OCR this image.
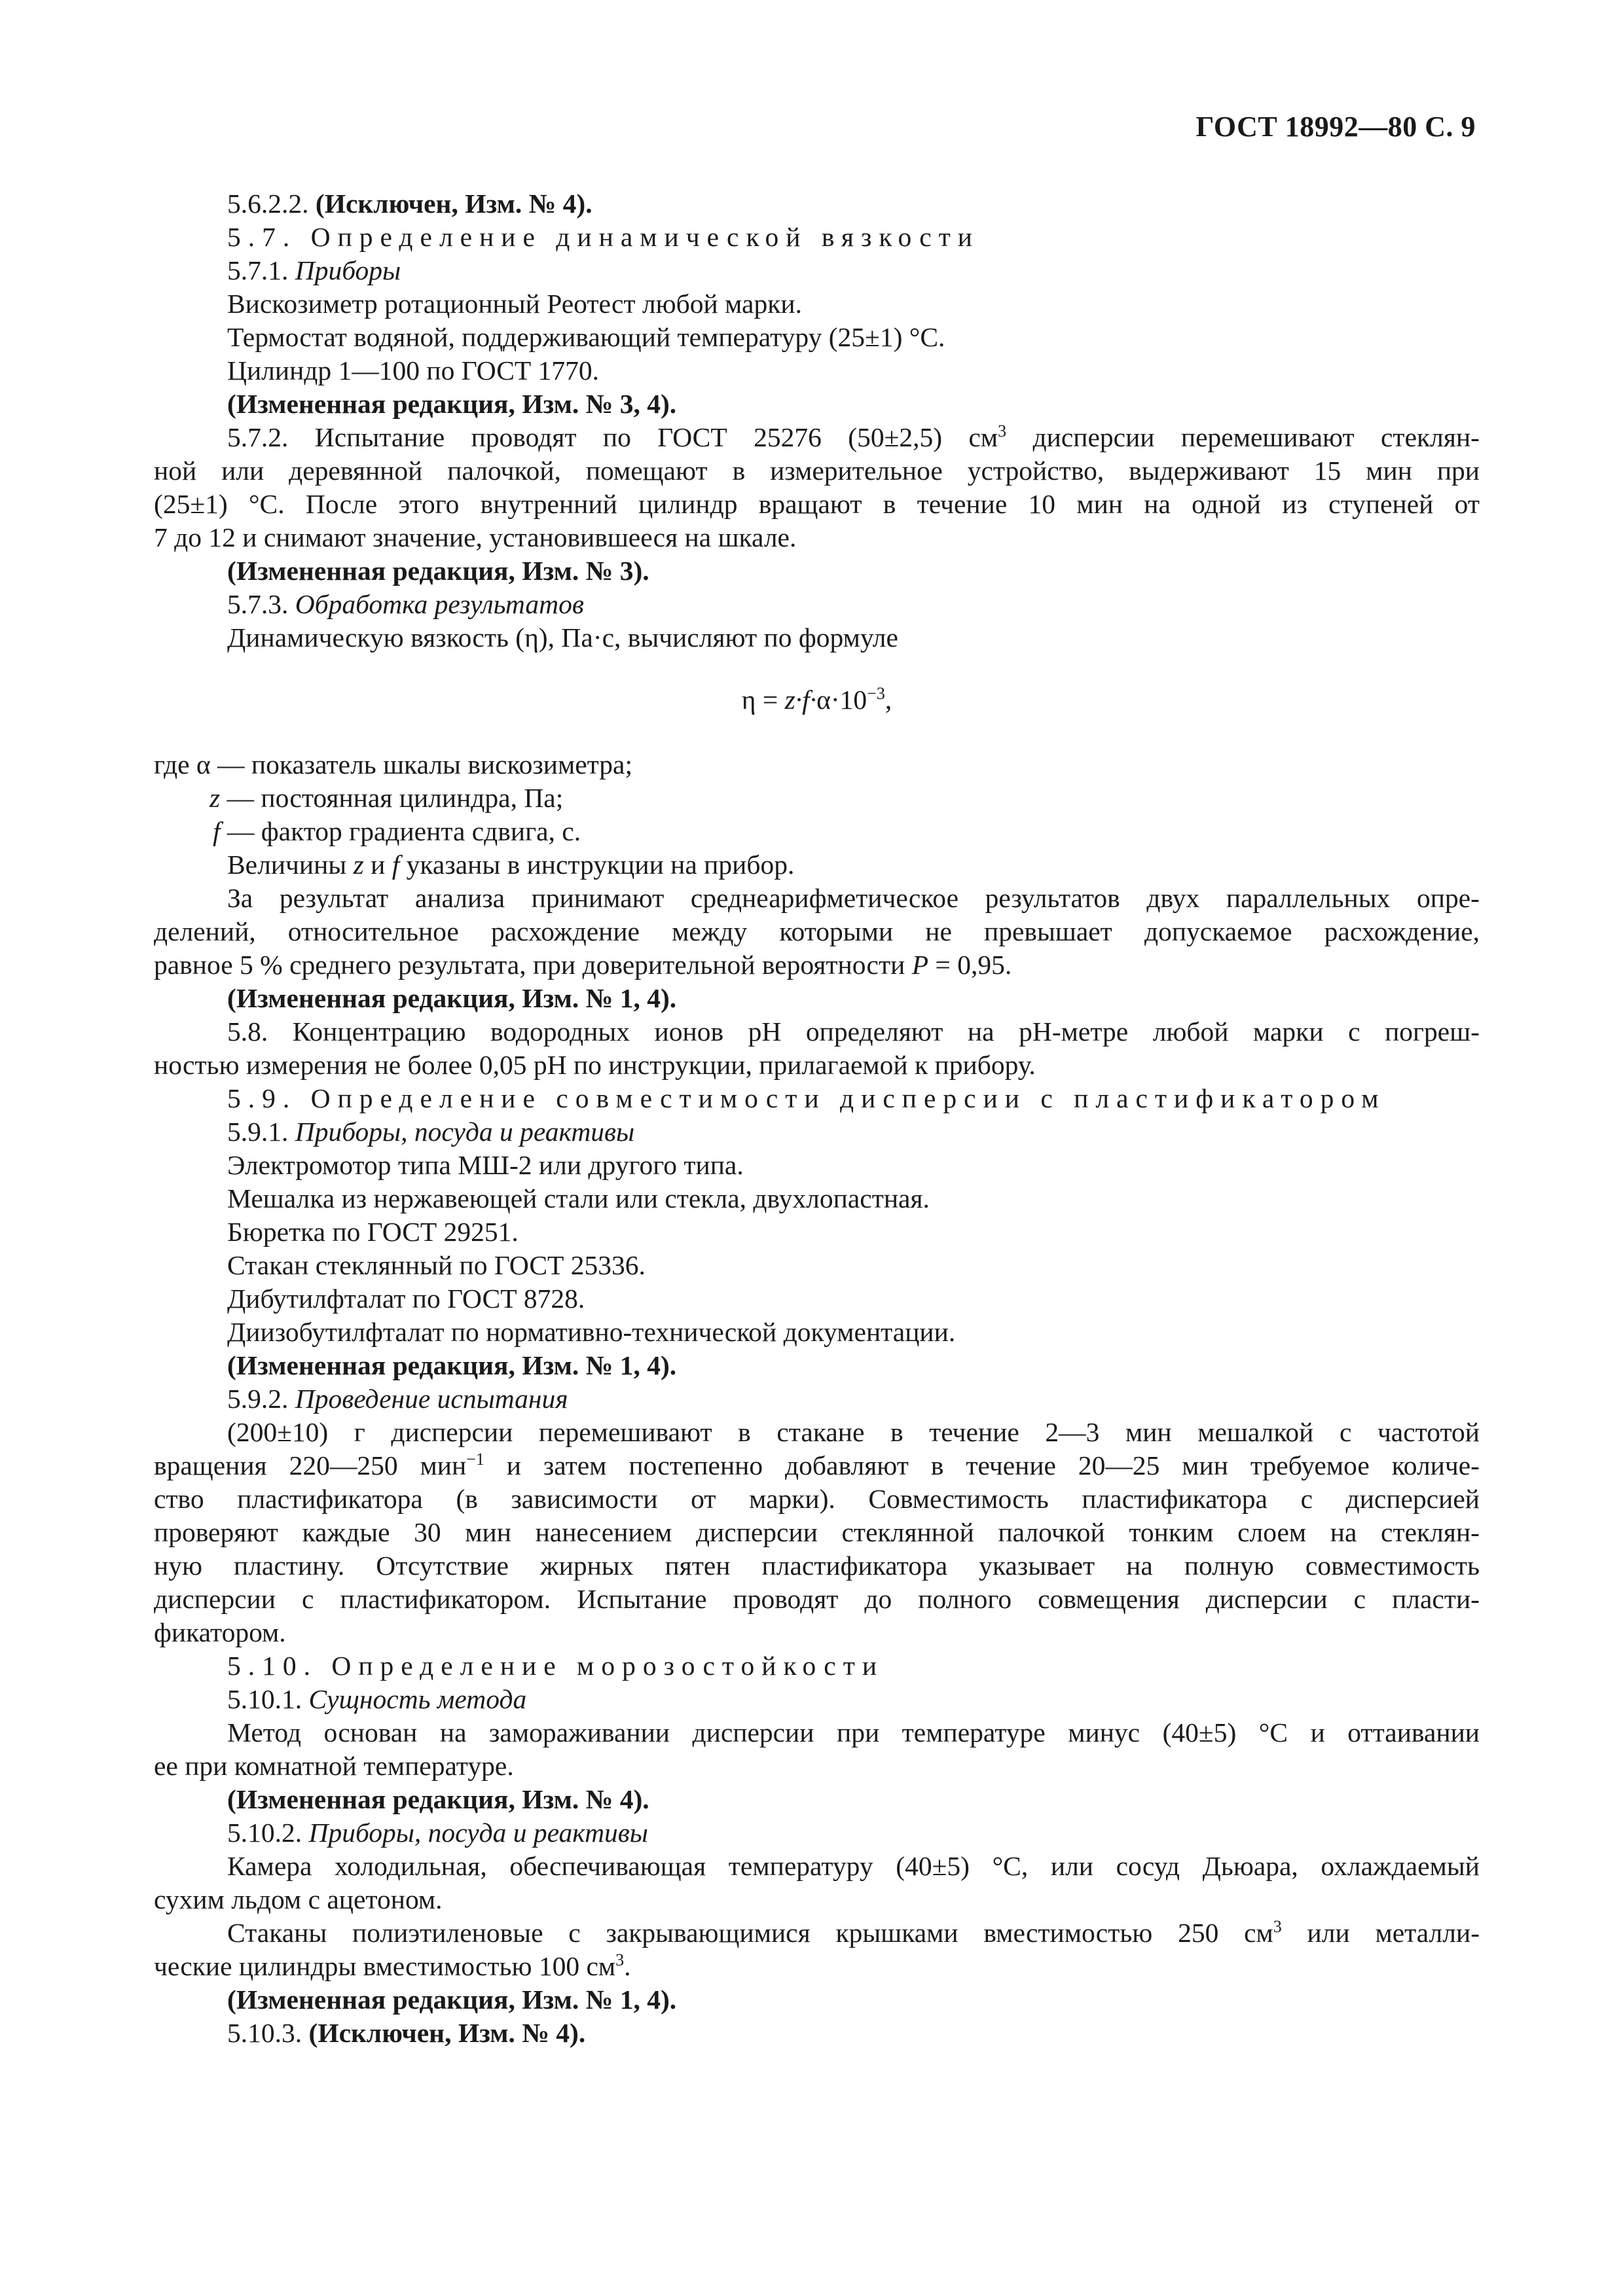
ГОСТ 18992—80 С. 9
5.6.2.2. (Исключен, Изм. № 4).
5.7. Определение динамической вязкости
5.7.1. Приборы
Вискозиметр ротационный Реотест любой марки.
Термостат водяной, поддерживающий температуру (25±1) °С.
Цилиндр 1—100 по ГОСТ 1770.
(Измененная редакция, Изм. № 3, 4).
5.7.2. Испытание проводят по ГОСТ 25276 (50±2,5) $см^3$ дисперсии перемешивают стеклян-
ной или деревянной палочкой, помещают в измерительное устройство, выдерживают 15 мин при
(25±1) °С. После этого внутренний цилиндр вращают в течение 10 мин на одной из ступеней от
7 до 12 и снимают значение, установившееся на шкале.
(Измененная редакция, Изм. № 3).
5.7.3. Обработка результатов
Динамическую вязкость (η), Па·с, вычисляют по формуле
$\eta = z\cdot f\cdot\alpha\cdot 10^{-3}$,
где α — показатель шкалы вискозиметра;
z — постоянная цилиндра, Па;
f — фактор градиента сдвига, с.
Величины z и f указаны в инструкции на прибор.
За результат анализа принимают среднеарифметическое результатов двух параллельных опре-
делений, относительное расхождение между которыми не превышает допускаемое расхождение,
равное 5 % среднего результата, при доверительной вероятности P = 0,95.
(Измененная редакция, Изм. № 1, 4).
5.8. Концентрацию водородных ионов pH определяют на pH-метре любой марки с погреш-
ностью измерения не более 0,05 pH по инструкции, прилагаемой к прибору.
5.9. Определение совместимости дисперсии с пластификатором
5.9.1. Приборы, посуда и реактивы
Электромотор типа МШ-2 или другого типа.
Мешалка из нержавеющей стали или стекла, двухлопастная.
Бюретка по ГОСТ 29251.
Стакан стеклянный по ГОСТ 25336.
Дибутилфталат по ГОСТ 8728.
Диизобутилфталат по нормативно-технической документации.
(Измененная редакция, Изм. № 1, 4).
5.9.2. Проведение испытания
(200±10) г дисперсии перемешивают в стакане в течение 2—3 мин мешалкой с частотой
вращения 220—250 мин$^{-1}$ и затем постепенно добавляют в течение 20—25 мин требуемое количе-
ство пластификатора (в зависимости от марки). Совместимость пластификатора с дисперсией
проверяют каждые 30 мин нанесением дисперсии стеклянной палочкой тонким слоем на стеклян-
ную пластину. Отсутствие жирных пятен пластификатора указывает на полную совместимость
дисперсии с пластификатором. Испытание проводят до полного совмещения дисперсии с пласти-
фикатором.
5.10. Определение морозостойкости
5.10.1. Сущность метода
Метод основан на замораживании дисперсии при температуре минус (40±5) °С и оттаивании
ее при комнатной температуре.
(Измененная редакция, Изм. № 4).
5.10.2. Приборы, посуда и реактивы
Камера холодильная, обеспечивающая температуру (40±5) °С, или сосуд Дьюара, охлаждаемый
сухим льдом с ацетоном.
Стаканы полиэтиленовые с закрывающимися крышками вместимостью 250 $см^3$ или металли-
ческие цилиндры вместимостью 100 $см^3$.
(Измененная редакция, Изм. № 1, 4).
5.10.3. (Исключен, Изм. № 4).
